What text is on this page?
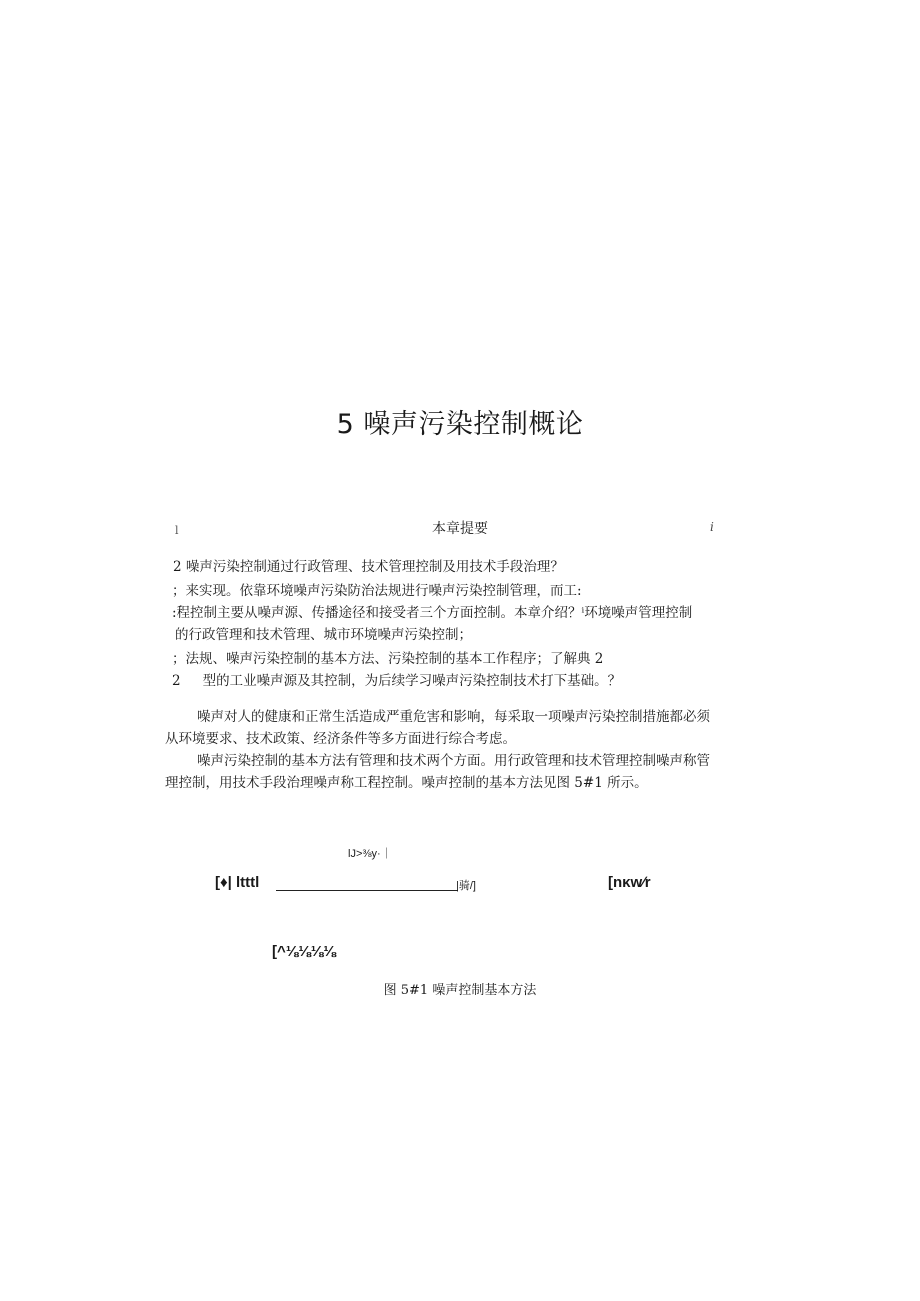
5 噪声污染控制概论
l	本章提要	i
2 噪声污染控制通过行政管理、技术管理控制及用技术手段治理？
；来实现。依靠环境噪声污染防治法规进行噪声污染控制管理，而工:
:程控制主要从噪声源、传播途径和接受者三个方面控制。本章介绍？ⁱ环境噪声管理控制
的行政管理和技术管理、城市环境噪声污染控制；
；法规、噪声污染控制的基本方法、污染控制的基本工作程序；了解典 2
2 型的工业噪声源及其控制，为后续学习噪声污染控制技术打下基础。？
噪声对人的健康和正常生活造成严重危害和影响，每采取一项噪声污染控制措施都必须
从环境要求、技术政策、经济条件等多方面进行综合考虑。
噪声污染控制的基本方法有管理和技术两个方面。用行政管理和技术管理控制噪声称管
理控制，用技术手段治理噪声称工程控制。噪声控制的基本方法见图 5#1 所示。
lJ>⅜y·｜
[♦| ltttl	|骑/]	[nκw∕r
[^⅛⅛⅛⅛
图 5#1 噪声控制基本方法
